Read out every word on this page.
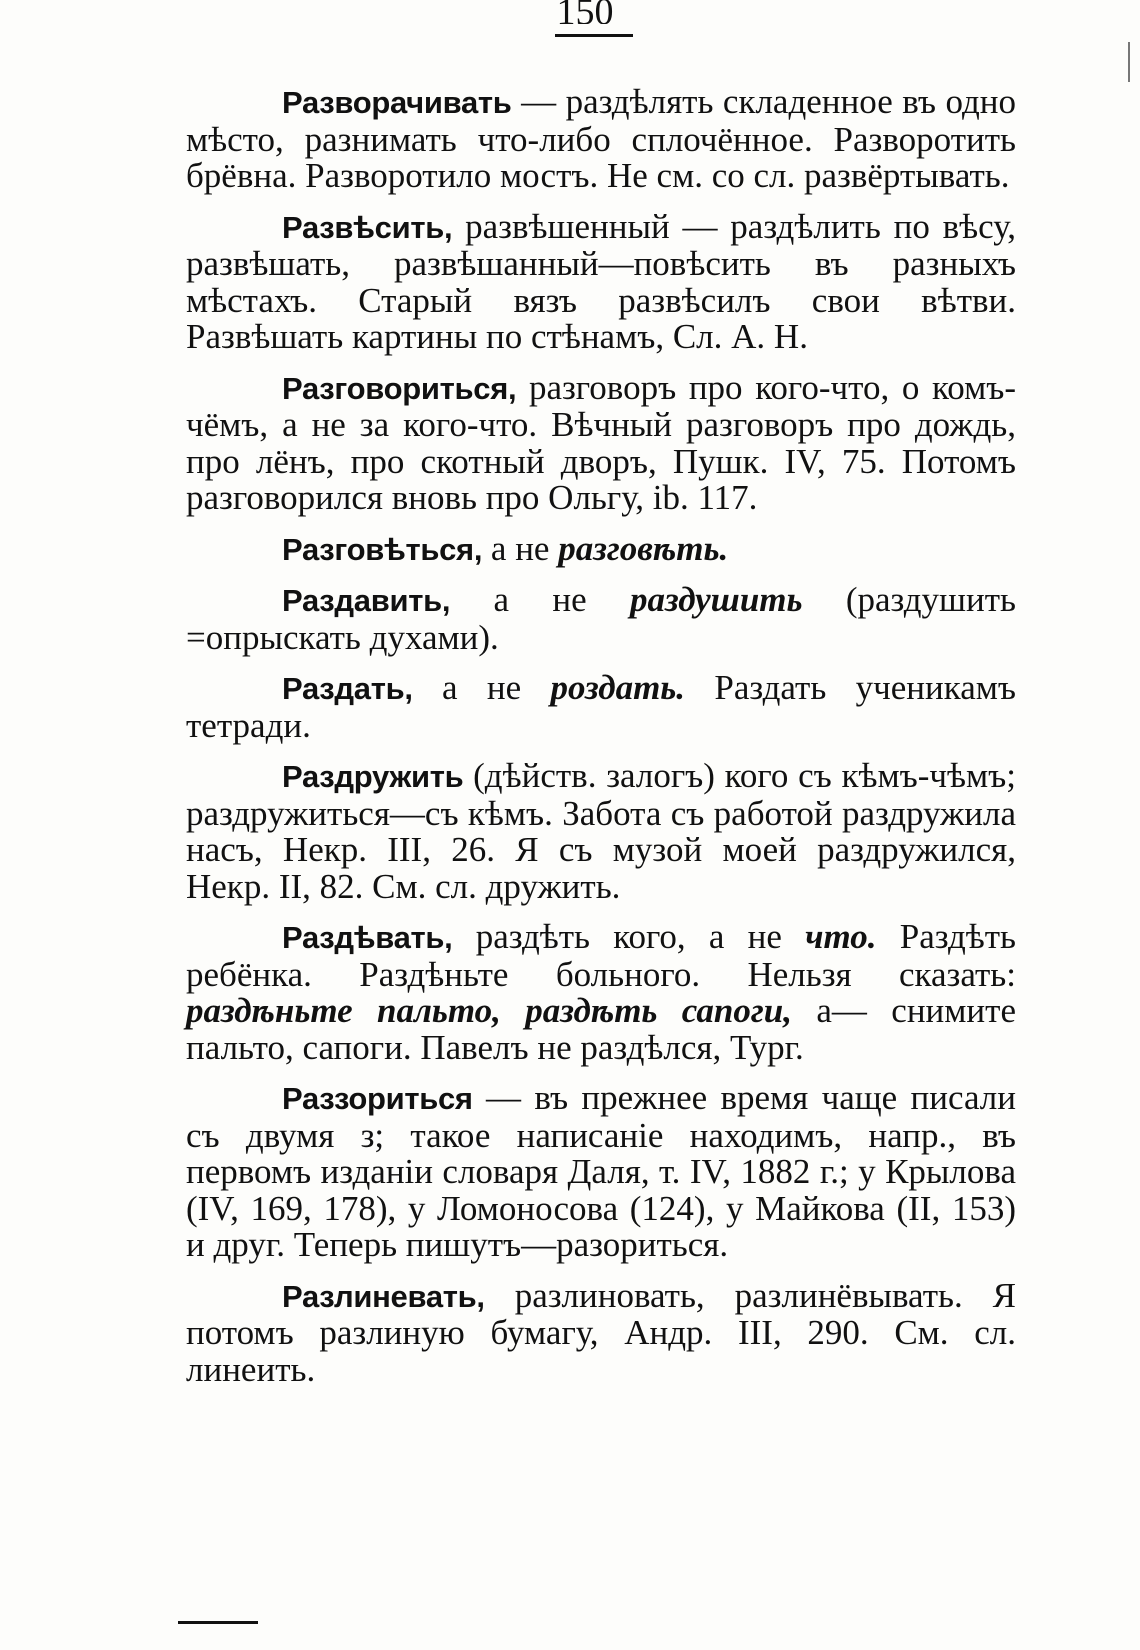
150

Разворачивать — раздѣлять складенное въ одно мѣсто, разнимать что-либо сплочённое. Разворотить брёвна. Разворотило мостъ. Не см. со сл. развёртывать.

Развѣсить, развѣшенный — раздѣлить по вѣсу, развѣшать, развѣшанный—повѣсить въ разныхъ мѣстахъ. Старый вязъ развѣсилъ свои вѣтви. Развѣшать картины по стѣнамъ, Сл. А. Н.

Разговориться, разговоръ про кого-что, о комъ-чёмъ, а не за кого-что. Вѣчный разговоръ про дождь, про лёнъ, про скотный дворъ, Пушк. IV, 75. Потомъ разговорился вновь про Ольгу, ib. 117.

Разговѣться, а не разговѣть.

Раздавить, а не раздушить (раздушить =опрыскать духами).

Раздать, а не роздать. Раздать ученикамъ тетради.

Раздружить (дѣйств. залогъ) кого съ кѣмъ-чѣмъ; раздружиться—съ кѣмъ. Забота съ работой раздружила насъ, Некр. III, 26. Я съ музой моей раздружился, Некр. II, 82. См. сл. дружить.

Раздѣвать, раздѣть кого, а не что. Раздѣть ребёнка. Раздѣньте больного. Нельзя сказать: раздѣньте пальто, раздѣть сапоги, а— снимите пальто, сапоги. Павелъ не раздѣлся, Тург.

Раззориться — въ прежнее время чаще писали съ двумя з; такое написаніе находимъ, напр., въ первомъ изданіи словаря Даля, т. IV, 1882 г.; у Крылова (IV, 169, 178), у Ломоносова (124), у Майкова (II, 153) и друг. Теперь пишутъ—разориться.

Разлиневать, разлиновать, разлинёвывать. Я потомъ разлиную бумагу, Андр. III, 290. См. сл. линеить.
